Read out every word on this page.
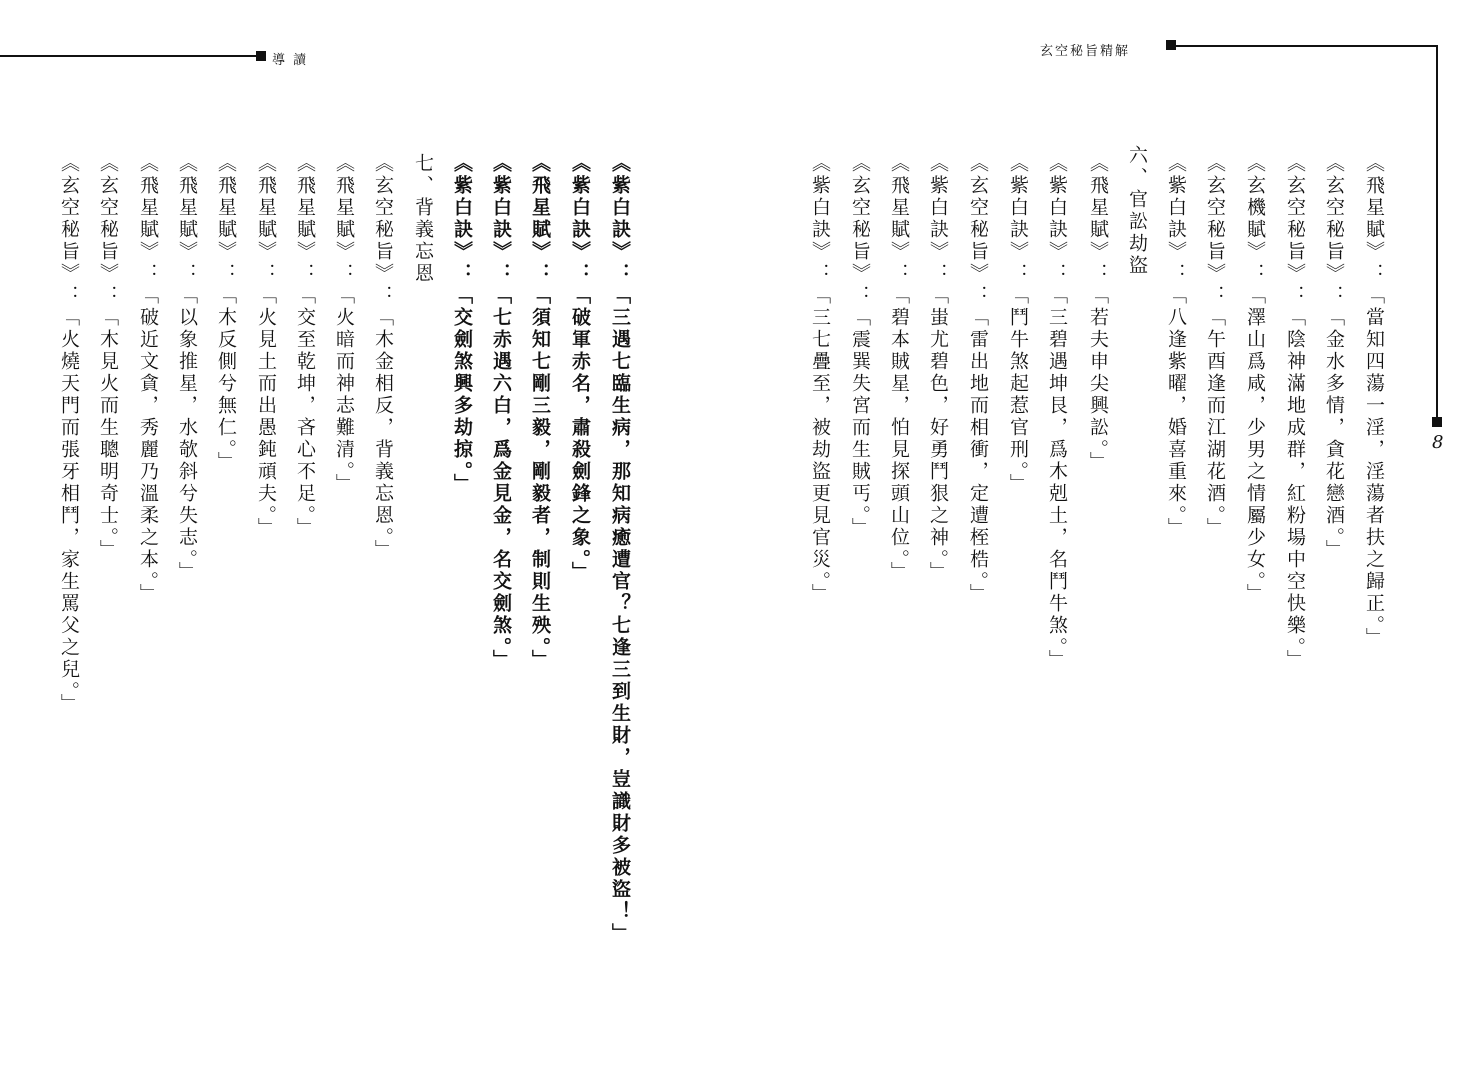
導 讀
玄空秘旨精解
8
《紫白訣》：「三遇七臨生病，那知病癒遭官？七逢三到生財，豈識財多被盜！」
《紫白訣》：「破軍赤名，肅殺劍鋒之象。」
《飛星賦》：「須知七剛三毅，剛毅者，制則生殃。」
《紫白訣》：「七赤遇六白，爲金見金，名交劍煞。」
《紫白訣》：「交劍煞興多劫掠。」
七、背義忘恩
《玄空秘旨》：「木金相反，背義忘恩。」
《飛星賦》：「火暗而神志難清。」
《飛星賦》：「交至乾坤，吝心不足。」
《飛星賦》：「火見土而出愚鈍頑夫。」
《飛星賦》：「木反側兮無仁。」
《飛星賦》：「以象推星，水欹斜兮失志。」
《飛星賦》：「破近文貪，秀麗乃溫柔之本。」
《玄空秘旨》：「木見火而生聰明奇士。」
《玄空秘旨》：「火燒天門而張牙相鬥，家生罵父之兒。」	《飛星賦》：「當知四蕩一淫，淫蕩者扶之歸正。」
《玄空秘旨》：「金水多情，貪花戀酒。」
《玄空秘旨》：「陰神滿地成群，紅粉場中空快樂。」
《玄機賦》：「澤山爲咸，少男之情屬少女。」
《玄空秘旨》：「午酉逢而江湖花酒。」
《紫白訣》：「八逢紫曜，婚喜重來。」
六、官訟劫盜
《飛星賦》：「若夫申尖興訟。」
《紫白訣》：「三碧遇坤艮，爲木剋土，名鬥牛煞。」
《紫白訣》：「鬥牛煞起惹官刑。」
《玄空秘旨》：「雷出地而相衝，定遭桎梏。」
《紫白訣》：「蚩尤碧色，好勇鬥狠之神。」
《飛星賦》：「碧本賊星，怕見探頭山位。」
《玄空秘旨》：「震巽失宮而生賊丐。」
《紫白訣》：「三七疊至，被劫盜更見官災。」
